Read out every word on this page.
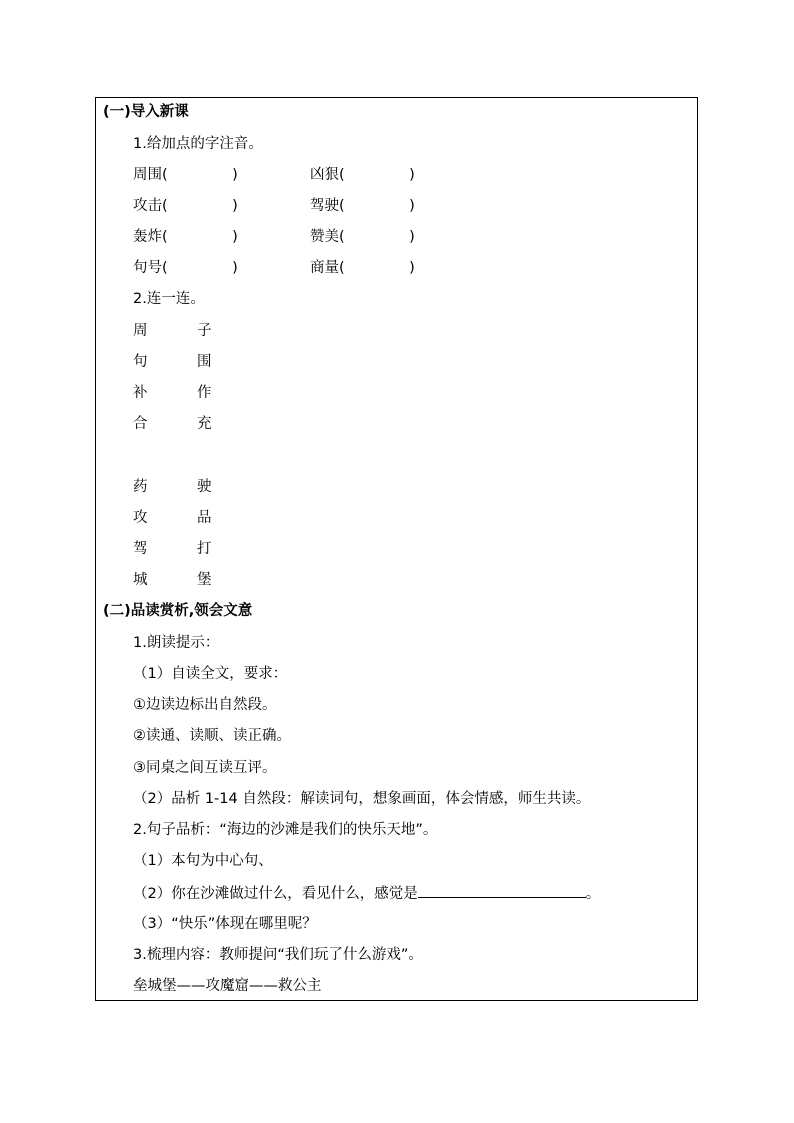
(一)导入新课
1.给加点的字注音。
周围(              )	凶狠(              )
攻击(              )	驾驶(              )
轰炸(              )	赞美(              )
句号(              )	商量(              )
2.连一连。
周	子
句	围
补	作
合	充
药	驶
攻	品
驾	打
城	堡
(二)品读赏析,领会文意
1.朗读提示：
（1）自读全文，要求：
①边读边标出自然段。
②读通、读顺、读正确。
③同桌之间互读互评。
（2）品析 1-14 自然段：解读词句，想象画面，体会情感，师生共读。
2.句子品析：“海边的沙滩是我们的快乐天地”。
（1）本句为中心句、
（2）你在沙滩做过什么，看见什么，感觉是	。
（3）“快乐”体现在哪里呢？
3.梳理内容：教师提问“我们玩了什么游戏”。
垒城堡——攻魔窟——救公主
